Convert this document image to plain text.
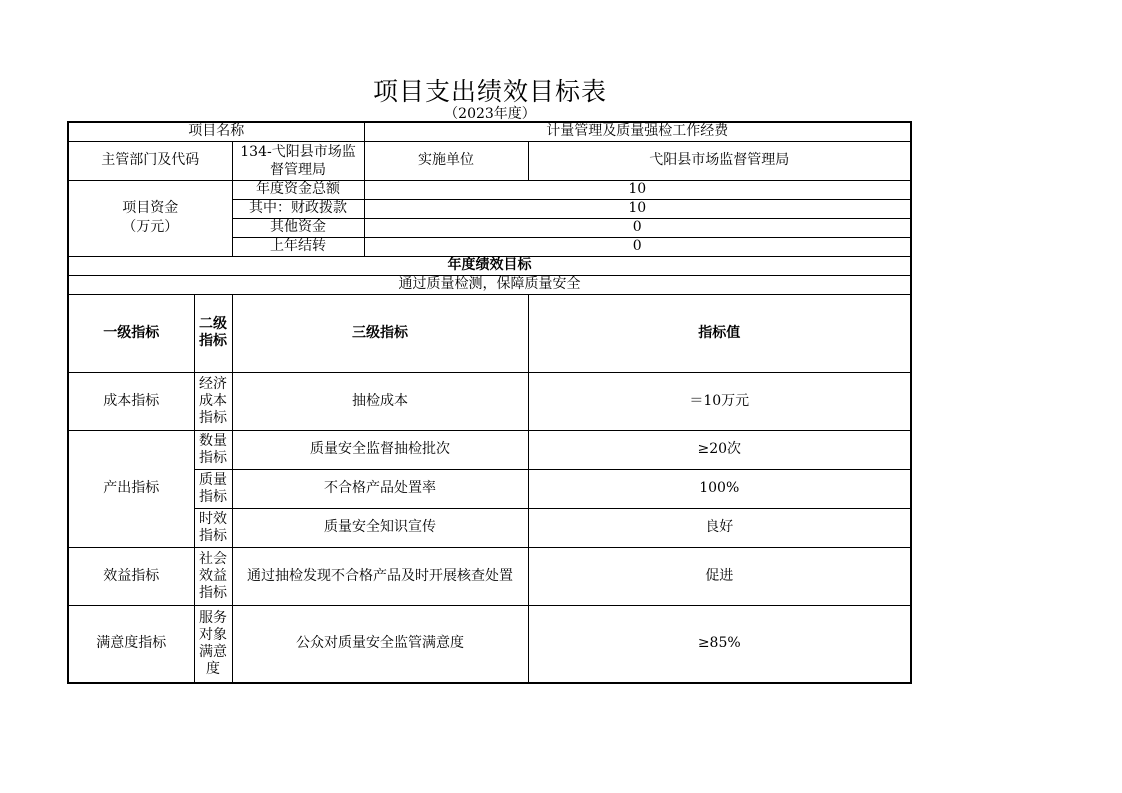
项目支出绩效目标表
（2023年度）
项目名称			计量管理及质量强检工作经费	
主管部门及代码		134-弋阳县市场监督管理局	实施单位	弋阳县市场监督管理局
项目资金
（万元）		年度资金总额	10	
		其中：财政拨款	10	
		其他资金	0	
		上年结转	0	
年度绩效目标				
通过质量检测，保障质量安全				
一级指标	二级指标	三级指标		指标值
成本指标	经济成本指标	抽检成本		＝10万元
产出指标	数量指标	质量安全监督抽检批次		≥20次
	质量指标	不合格产品处置率		100%
	时效指标	质量安全知识宣传		良好
效益指标	社会效益指标	通过抽检发现不合格产品及时开展核查处置		促进
满意度指标	服务对象满意度	公众对质量安全监管满意度		≥85%
